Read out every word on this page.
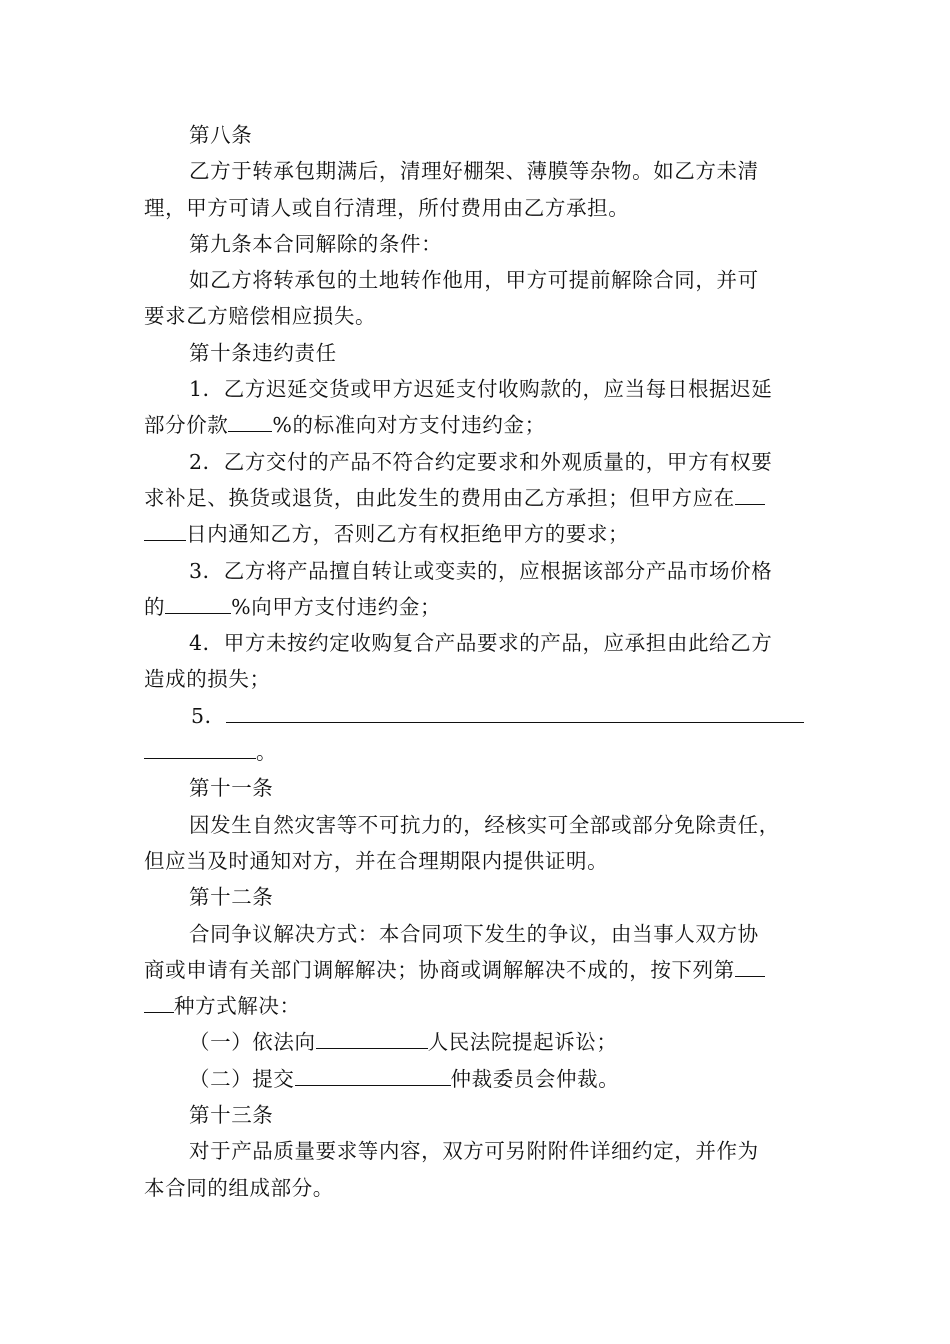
第八条
乙方于转承包期满后，清理好棚架、薄膜等杂物。如乙方未清
理，甲方可请人或自行清理，所付费用由乙方承担。
第九条本合同解除的条件：
如乙方将转承包的土地转作他用，甲方可提前解除合同，并可
要求乙方赔偿相应损失。
第十条违约责任
1．乙方迟延交货或甲方迟延支付收购款的，应当每日根据迟延
部分价款 %的标准向对方支付违约金；
2．乙方交付的产品不符合约定要求和外观质量的，甲方有权要
求补足、换货或退货，由此发生的费用由乙方承担；但甲方应在
日内通知乙方，否则乙方有权拒绝甲方的要求；
3．乙方将产品擅自转让或变卖的，应根据该部分产品市场价格
的	%向甲方支付违约金；
4．甲方未按约定收购复合产品要求的产品，应承担由此给乙方
造成的损失；
5．
。
第十一条
因发生自然灾害等不可抗力的，经核实可全部或部分免除责任，
但应当及时通知对方，并在合理期限内提供证明。
第十二条
合同争议解决方式：本合同项下发生的争议，由当事人双方协
商或申请有关部门调解解决；协商或调解解决不成的，按下列第
种方式解决：
（一）依法向	人民法院提起诉讼；
（二）提交	仲裁委员会仲裁。
第十三条
对于产品质量要求等内容，双方可另附附件详细约定，并作为
本合同的组成部分。
